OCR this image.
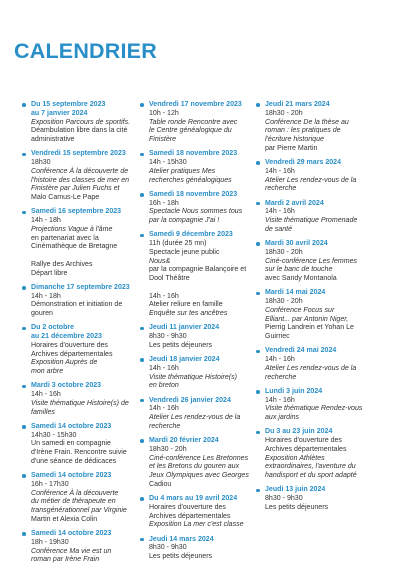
CALENDRIER
Du 15 septembre 2023
au 7 janvier 2024
Exposition Parcours de sportifs.
Déambulation libre dans la cité
administrative
Vendredi 15 septembre 2023
18h30
Conférence À la découverte de
l'histoire des classes de mer en
Finistère par Julien Fuchs et
Malo Camus-Le Pape
Samedi 16 septembre 2023
14h - 18h
Projections Vague à l'âme
en partenariat avec la
Cinémathèque de Bretagne
Rallye des Archives
Départ libre
Dimanche 17 septembre 2023
14h - 18h
Démonstration et initiation de
gouren
Du 2 octobre
au 21 décembre 2023
Horaires d'ouverture des
Archives départementales
Exposition Auprès de
mon arbre
Mardi 3 octobre 2023
14h - 16h
Visite thématique Histoire(s) de
familles
Samedi 14 octobre 2023
14h30 - 15h30
Un samedi en compagnie
d'Irène Frain. Rencontre suivie
d'une séance de dédicaces
Samedi 14 octobre 2023
16h - 17h30
Conférence À la découverte
du métier de thérapeute en
transgénérationnel par Virginie
Martin et Alexia Colin
Samedi 14 octobre 2023
18h - 19h30
Conférence Ma vie est un
roman par Irène Frain
Vendredi 17 novembre 2023
10h - 12h
Table ronde Rencontre avec
le Centre généalogique du
Finistère
Samedi 18 novembre 2023
14h - 15h30
Atelier pratiques Mes
recherches généalogiques
Samedi 18 novembre 2023
16h - 18h
Spectacle Nous sommes tous
par la compagnie J'ai !
Samedi 9 décembre 2023
11h (durée 25 mn)
Spectacle jeune public
Nous&
par la compagnie Balançoire et
Dool Théâtre
14h - 16h
Atelier reliure en famille
Enquête sur tes ancêtres
Jeudi 11 janvier 2024
8h30 - 9h30
Les petits déjeuners
Jeudi 18 janvier 2024
14h - 16h
Visite thématique Histoire(s)
en breton
Vendredi 26 janvier 2024
14h - 16h
Atelier Les rendez-vous de la
recherche
Mardi 20 février 2024
18h30 - 20h
Ciné-conférence Les Bretonnes
et les Bretons du gouren aux
Jeux Olympiques avec Georges
Cadiou
Du 4 mars au 19 avril 2024
Horaires d'ouverture des
Archives départementales
Exposition La mer c'est classe
Jeudi 14 mars 2024
8h30 - 9h30
Les petits déjeuners
Jeudi 21 mars 2024
18h30 - 20h
Conférence De la thèse au
roman : les pratiques de
l'écriture historique
par Pierre Martin
Vendredi 29 mars 2024
14h - 16h
Atelier Les rendez-vous de la
recherche
Mardi 2 avril 2024
14h - 16h
Visite thématique Promenade
de santé
Mardi 30 avril 2024
18h30 - 20h
Ciné-conférence Les femmes
sur le banc de touche
avec Sandy Montanola
Mardi 14 mai 2024
18h30 - 20h
Conférence Focus sur
Elliant... par Antonin Niger,
Pierrig Landrein et Yohan Le
Guirriec
Vendredi 24 mai 2024
14h - 16h
Atelier Les rendez-vous de la
recherche
Lundi 3 juin 2024
14h - 16h
Visite thématique Rendez-vous
aux jardins
Du 3 au 23 juin 2024
Horaires d'ouverture des
Archives départementales
Exposition Athlètes
extraordinaires, l'aventure du
handisport et du sport adapté
Jeudi 13 juin 2024
8h30 - 9h30
Les petits déjeuners
